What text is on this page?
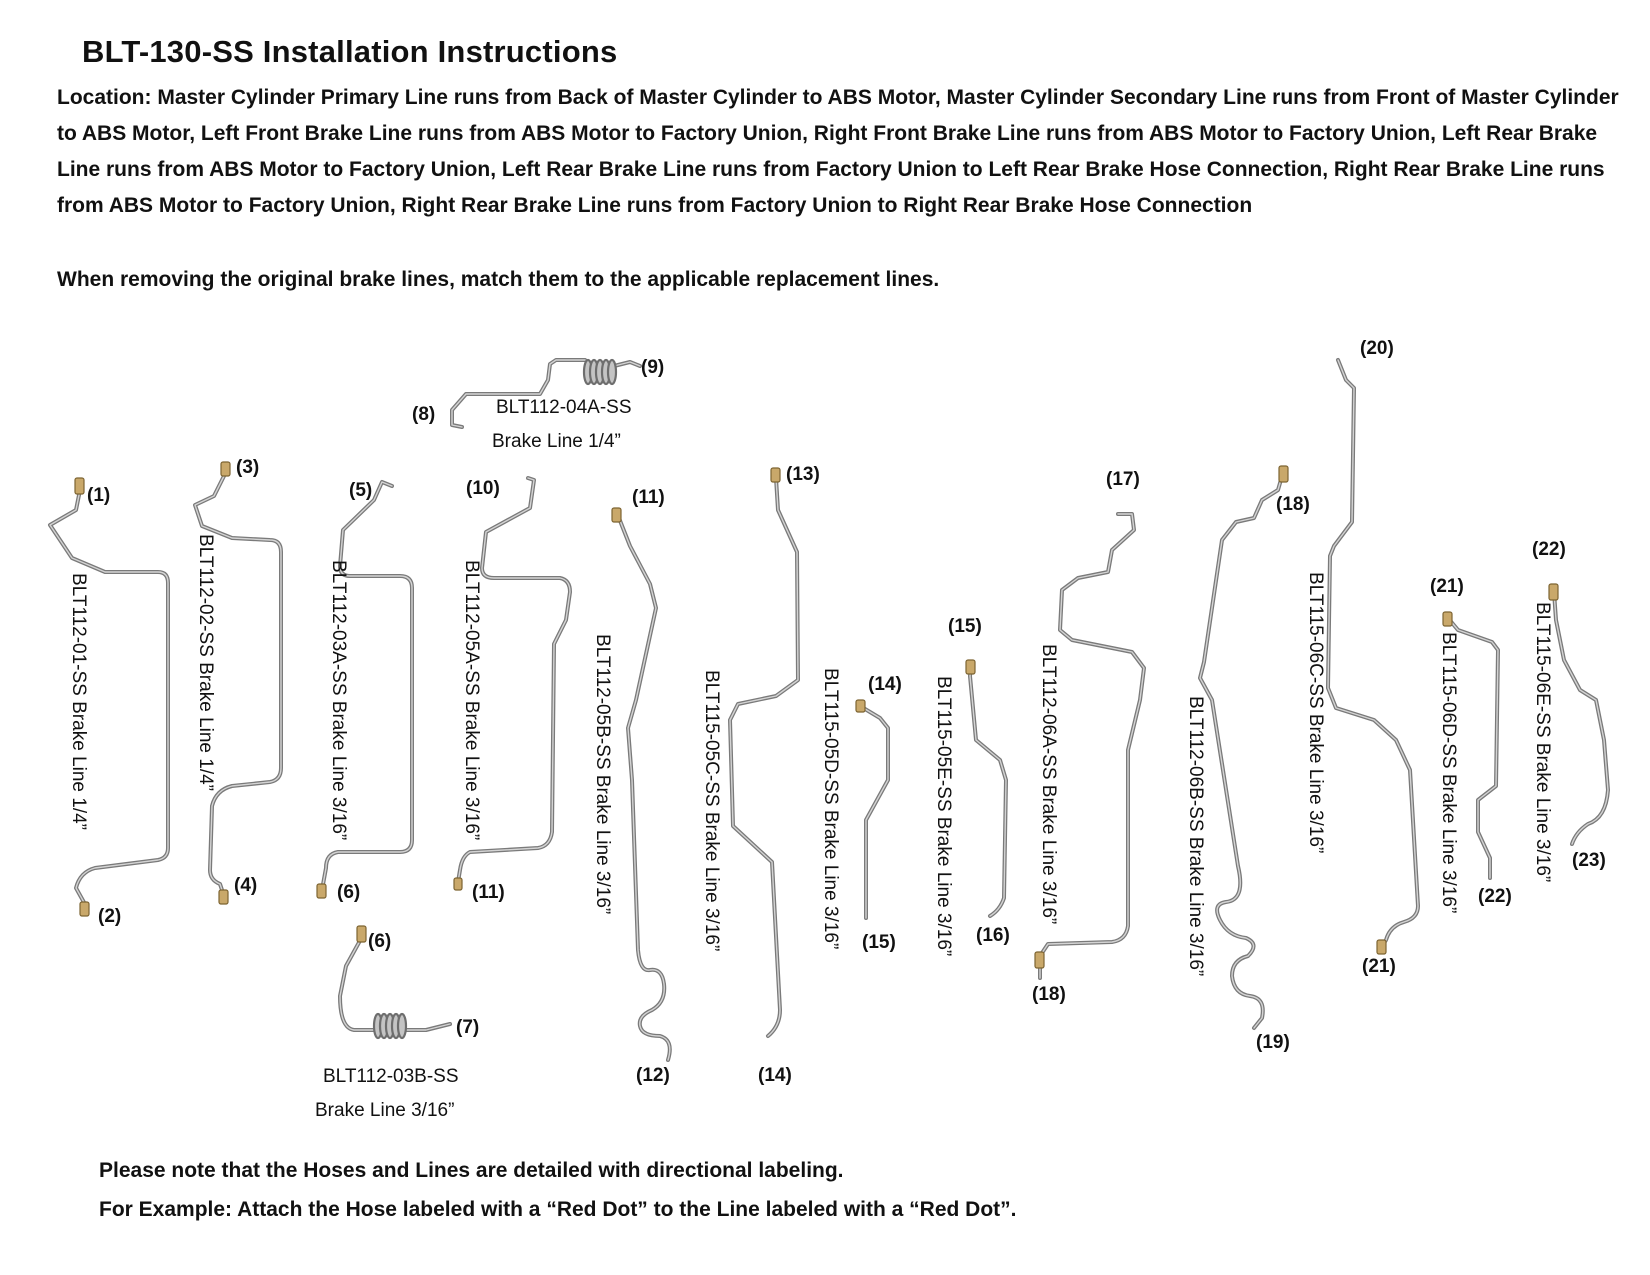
BLT-130-SS Installation Instructions
Location: Master Cylinder Primary Line runs from Back of Master Cylinder to ABS Motor, Master Cylinder Secondary Line runs from Front of Master Cylinder to ABS Motor, Left Front Brake Line runs from ABS Motor to Factory Union, Right Front Brake Line runs from ABS Motor to Factory Union, Left Rear Brake Line runs from ABS Motor to Factory Union, Left Rear Brake Line runs from Factory Union to Left Rear Brake Hose Connection, Right Rear Brake Line runs from ABS Motor to Factory Union, Right Rear Brake Line runs from Factory Union to Right Rear Brake Hose Connection
When removing the original brake lines, match them to the applicable replacement lines.
(1)
(2)
BLT112-01-SS Brake Line 1/4”
(3)
(4)
BLT112-02-SS Brake Line 1/4”
(5)
(6)
BLT112-03A-SS Brake Line 3/16”
(6)
(7)
BLT112-03B-SS
Brake Line 3/16”
(8)
(9)
BLT112-04A-SS
Brake Line 1/4”
(10)
(11)
BLT112-05A-SS Brake Line 3/16”
(11)
(12)
BLT112-05B-SS Brake Line 3/16”
(13)
(14)
BLT115-05C-SS Brake Line 3/16”	(14)
(15)
BLT115-05D-SS Brake Line 3/16”
(15)
(16)
BLT115-05E-SS Brake Line 3/16”
(17)
(18)
BLT112-06A-SS Brake Line 3/16”
(18)
(19)
BLT112-06B-SS Brake Line 3/16”
(20)
(21)
BLT115-06C-SS Brake Line 3/16”	(21)
(22)
BLT115-06D-SS Brake Line 3/16”
(22)
(23)
BLT115-06E-SS Brake Line 3/16”
Please note that the Hoses and Lines are detailed with directional labeling.
For Example: Attach the Hose labeled with a “Red Dot” to the Line labeled with a “Red Dot”.
